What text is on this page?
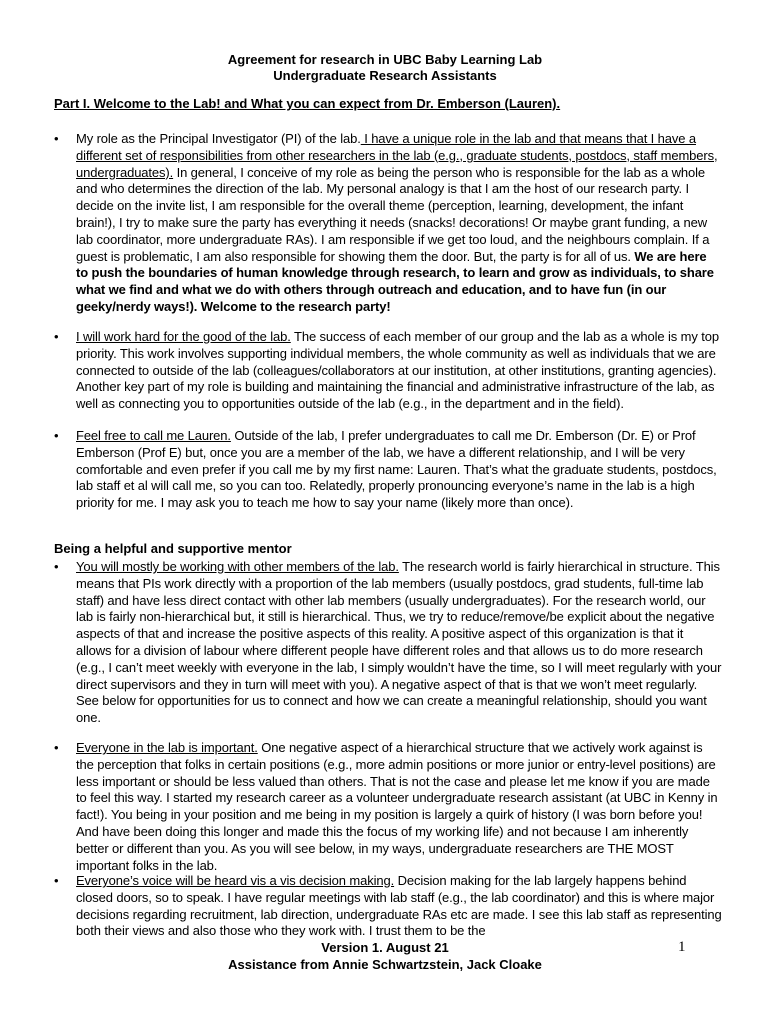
Agreement for research in UBC Baby Learning Lab
Undergraduate Research Assistants
Part I. Welcome to the Lab! and What you can expect from Dr. Emberson (Lauren).
•	My role as the Principal Investigator (PI) of the lab. I have a unique role in the lab and that means that I have a different set of responsibilities from other researchers in the lab (e.g., graduate students, postdocs, staff members, undergraduates). In general, I conceive of my role as being the person who is responsible for the lab as a whole and who determines the direction of the lab. My personal analogy is that I am the host of our research party. I decide on the invite list, I am responsible for the overall theme (perception, learning, development, the infant brain!), I try to make sure the party has everything it needs (snacks! decorations! Or maybe grant funding, a new lab coordinator, more undergraduate RAs). I am responsible if we get too loud, and the neighbours complain. If a guest is problematic, I am also responsible for showing them the door. But, the party is for all of us. We are here to push the boundaries of human knowledge through research, to learn and grow as individuals, to share what we find and what we do with others through outreach and education, and to have fun (in our geeky/nerdy ways!). Welcome to the research party!
•	I will work hard for the good of the lab. The success of each member of our group and the lab as a whole is my top priority. This work involves supporting individual members, the whole community as well as individuals that we are connected to outside of the lab (colleagues/collaborators at our institution, at other institutions, granting agencies). Another key part of my role is building and maintaining the financial and administrative infrastructure of the lab, as well as connecting you to opportunities outside of the lab (e.g., in the department and in the field).
•	Feel free to call me Lauren. Outside of the lab, I prefer undergraduates to call me Dr. Emberson (Dr. E) or Prof Emberson (Prof E) but, once you are a member of the lab, we have a different relationship, and I will be very comfortable and even prefer if you call me by my first name: Lauren. That’s what the graduate students, postdocs, lab staff et al will call me, so you can too. Relatedly, properly pronouncing everyone’s name in the lab is a high priority for me. I may ask you to teach me how to say your name (likely more than once).
Being a helpful and supportive mentor
•	You will mostly be working with other members of the lab. The research world is fairly hierarchical in structure. This means that PIs work directly with a proportion of the lab members (usually postdocs, grad students, full-time lab staff) and have less direct contact with other lab members (usually undergraduates). For the research world, our lab is fairly non-hierarchical but, it still is hierarchical. Thus, we try to reduce/remove/be explicit about the negative aspects of that and increase the positive aspects of this reality. A positive aspect of this organization is that it allows for a division of labour where different people have different roles and that allows us to do more research (e.g., I can’t meet weekly with everyone in the lab, I simply wouldn’t have the time, so I will meet regularly with your direct supervisors and they in turn will meet with you). A negative aspect of that is that we won’t meet regularly. See below for opportunities for us to connect and how we can create a meaningful relationship, should you want one.
•	Everyone in the lab is important. One negative aspect of a hierarchical structure that we actively work against is the perception that folks in certain positions (e.g., more admin positions or more junior or entry-level positions) are less important or should be less valued than others. That is not the case and please let me know if you are made to feel this way. I started my research career as a volunteer undergraduate research assistant (at UBC in Kenny in fact!). You being in your position and me being in my position is largely a quirk of history (I was born before you! And have been doing this longer and made this the focus of my working life) and not because I am inherently better or different than you. As you will see below, in my ways, undergraduate researchers are THE MOST important folks in the lab.
•	Everyone’s voice will be heard vis a vis decision making. Decision making for the lab largely happens behind closed doors, so to speak. I have regular meetings with lab staff (e.g., the lab coordinator) and this is where major decisions regarding recruitment, lab direction, undergraduate RAs etc are made. I see this lab staff as representing both their views and also those who they work with. I trust them to be the
Version 1. August 21
Assistance from Annie Schwartzstein, Jack Cloake
1
